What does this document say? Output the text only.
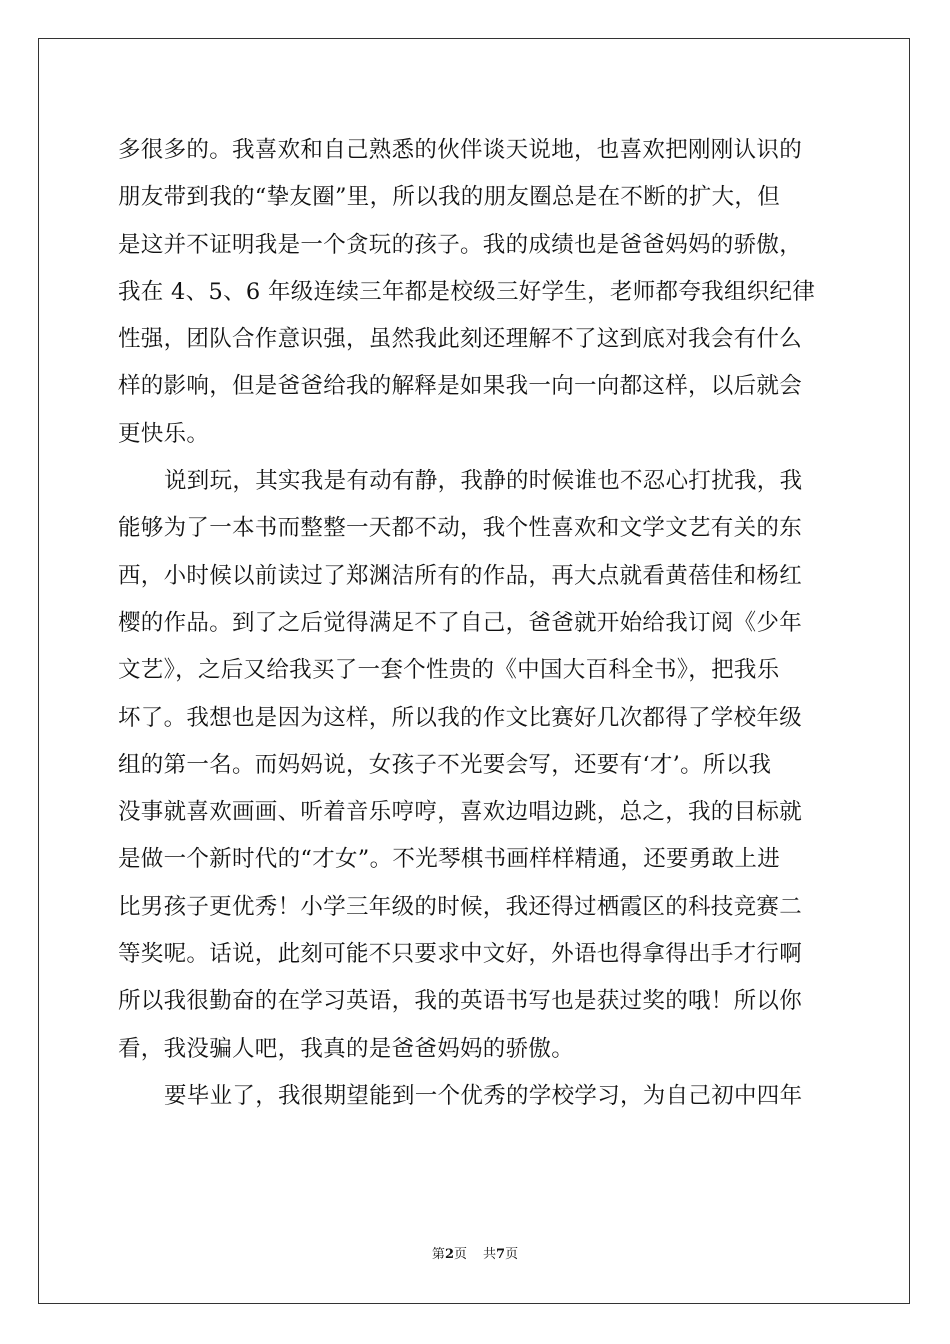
多很多的。我喜欢和自己熟悉的伙伴谈天说地，也喜欢把刚刚认识的
朋友带到我的“挚友圈”里，所以我的朋友圈总是在不断的扩大，但
是这并不证明我是一个贪玩的孩子。我的成绩也是爸爸妈妈的骄傲，
我在 4、5、6 年级连续三年都是校级三好学生，老师都夸我组织纪律
性强，团队合作意识强，虽然我此刻还理解不了这到底对我会有什么
样的影响，但是爸爸给我的解释是如果我一向一向都这样，以后就会
更快乐。
说到玩，其实我是有动有静，我静的时候谁也不忍心打扰我，我
能够为了一本书而整整一天都不动，我个性喜欢和文学文艺有关的东
西，小时候以前读过了郑渊洁所有的作品，再大点就看黄蓓佳和杨红
樱的作品。到了之后觉得满足不了自己，爸爸就开始给我订阅《少年
文艺》，之后又给我买了一套个性贵的《中国大百科全书》，把我乐
坏了。我想也是因为这样，所以我的作文比赛好几次都得了学校年级
组的第一名。而妈妈说，女孩子不光要会写，还要有‘才’。所以我
没事就喜欢画画、听着音乐哼哼，喜欢边唱边跳，总之，我的目标就
是做一个新时代的“才女”。不光琴棋书画样样精通，还要勇敢上进
比男孩子更优秀！小学三年级的时候，我还得过栖霞区的科技竞赛二
等奖呢。话说，此刻可能不只要求中文好，外语也得拿得出手才行啊
所以我很勤奋的在学习英语，我的英语书写也是获过奖的哦！所以你
看，我没骗人吧，我真的是爸爸妈妈的骄傲。
要毕业了，我很期望能到一个优秀的学校学习，为自己初中四年
第2页 共7页
